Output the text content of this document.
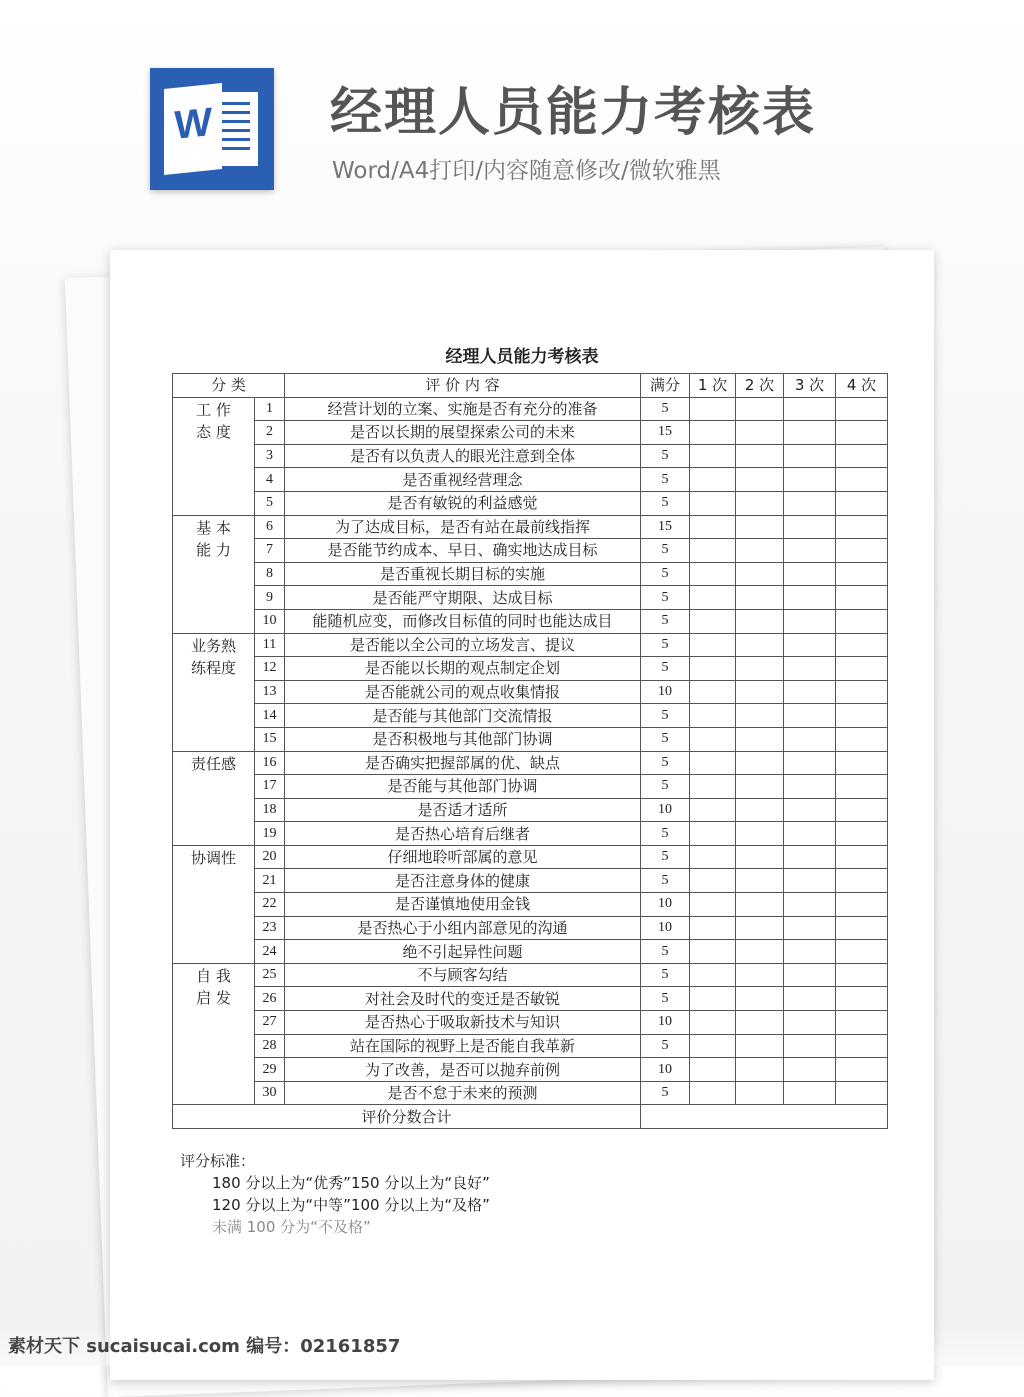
W 经理人员能力考核表
Word/A4打印/内容随意修改/微软雅黑
经理人员能力考核表
分 类		评 价 内 容	满分	1 次	2 次	3 次	4 次

工 作
态 度	1	经营计划的立案、实施是否有充分的准备	5				
	2	是否以长期的展望探索公司的未来	15				
	3	是否有以负责人的眼光注意到全体	5				
	4	是否重视经营理念	5				
	5	是否有敏锐的利益感觉	5				

基 本
能 力	6	为了达成目标，是否有站在最前线指挥	15				
	7	是否能节约成本、早日、确实地达成目标	5				
	8	是否重视长期目标的实施	5				
	9	是否能严守期限、达成目标	5				
	10	能随机应变，而修改目标值的同时也能达成目	5				

业务熟
练程度	11	是否能以全公司的立场发言、提议	5				
	12	是否能以长期的观点制定企划	5				
	13	是否能就公司的观点收集情报	10				
	14	是否能与其他部门交流情报	5				
	15	是否积极地与其他部门协调	5				

责任感	16	是否确实把握部属的优、缺点	5				
	17	是否能与其他部门协调	5				
	18	是否适才适所	10				
	19	是否热心培育后继者	5				

协调性	20	仔细地聆听部属的意见	5				
	21	是否注意身体的健康	5				
	22	是否谨慎地使用金钱	10				
	23	是否热心于小组内部意见的沟通	10				
	24	绝不引起异性问题	5				

自 我
启 发	25	不与顾客勾结	5				
	26	对社会及时代的变迁是否敏锐	5				
	27	是否热心于吸取新技术与知识	10				
	28	站在国际的视野上是否能自我革新	5				
	29	为了改善，是否可以抛弃前例	10				
	30	是否不怠于未来的预测	5				
评价分数合计							
评分标准：
180 分以上为“优秀”150 分以上为“良好”
120 分以上为“中等”100 分以上为“及格”
未满 100 分为“不及格”
素材天下 sucaisucai.com 编号：02161857
